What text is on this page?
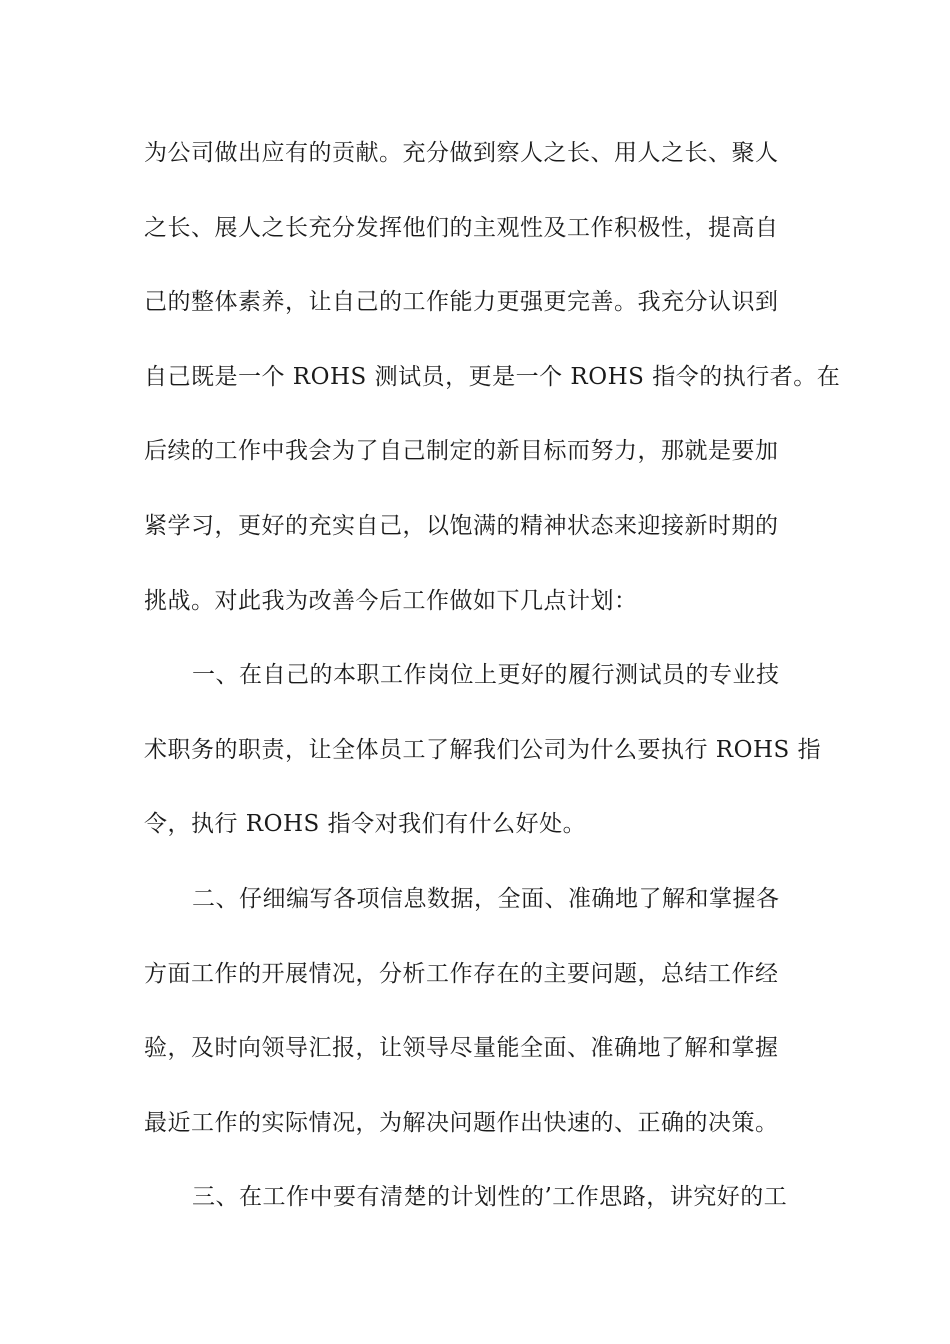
为公司做出应有的贡献。充分做到察人之长、用人之长、聚人
之长、展人之长充分发挥他们的主观性及工作积极性，提高自
己的整体素养，让自己的工作能力更强更完善。我充分认识到
自己既是一个 ROHS 测试员，更是一个 ROHS 指令的执行者。在
后续的工作中我会为了自己制定的新目标而努力，那就是要加
紧学习，更好的充实自己，以饱满的精神状态来迎接新时期的
挑战。对此我为改善今后工作做如下几点计划：
一、在自己的本职工作岗位上更好的履行测试员的专业技
术职务的职责，让全体员工了解我们公司为什么要执行 ROHS 指
令，执行 ROHS 指令对我们有什么好处。
二、仔细编写各项信息数据，全面、准确地了解和掌握各
方面工作的开展情况，分析工作存在的主要问题，总结工作经
验，及时向领导汇报，让领导尽量能全面、准确地了解和掌握
最近工作的实际情况，为解决问题作出快速的、正确的决策。
三、在工作中要有清楚的计划性的’工作思路，讲究好的工
